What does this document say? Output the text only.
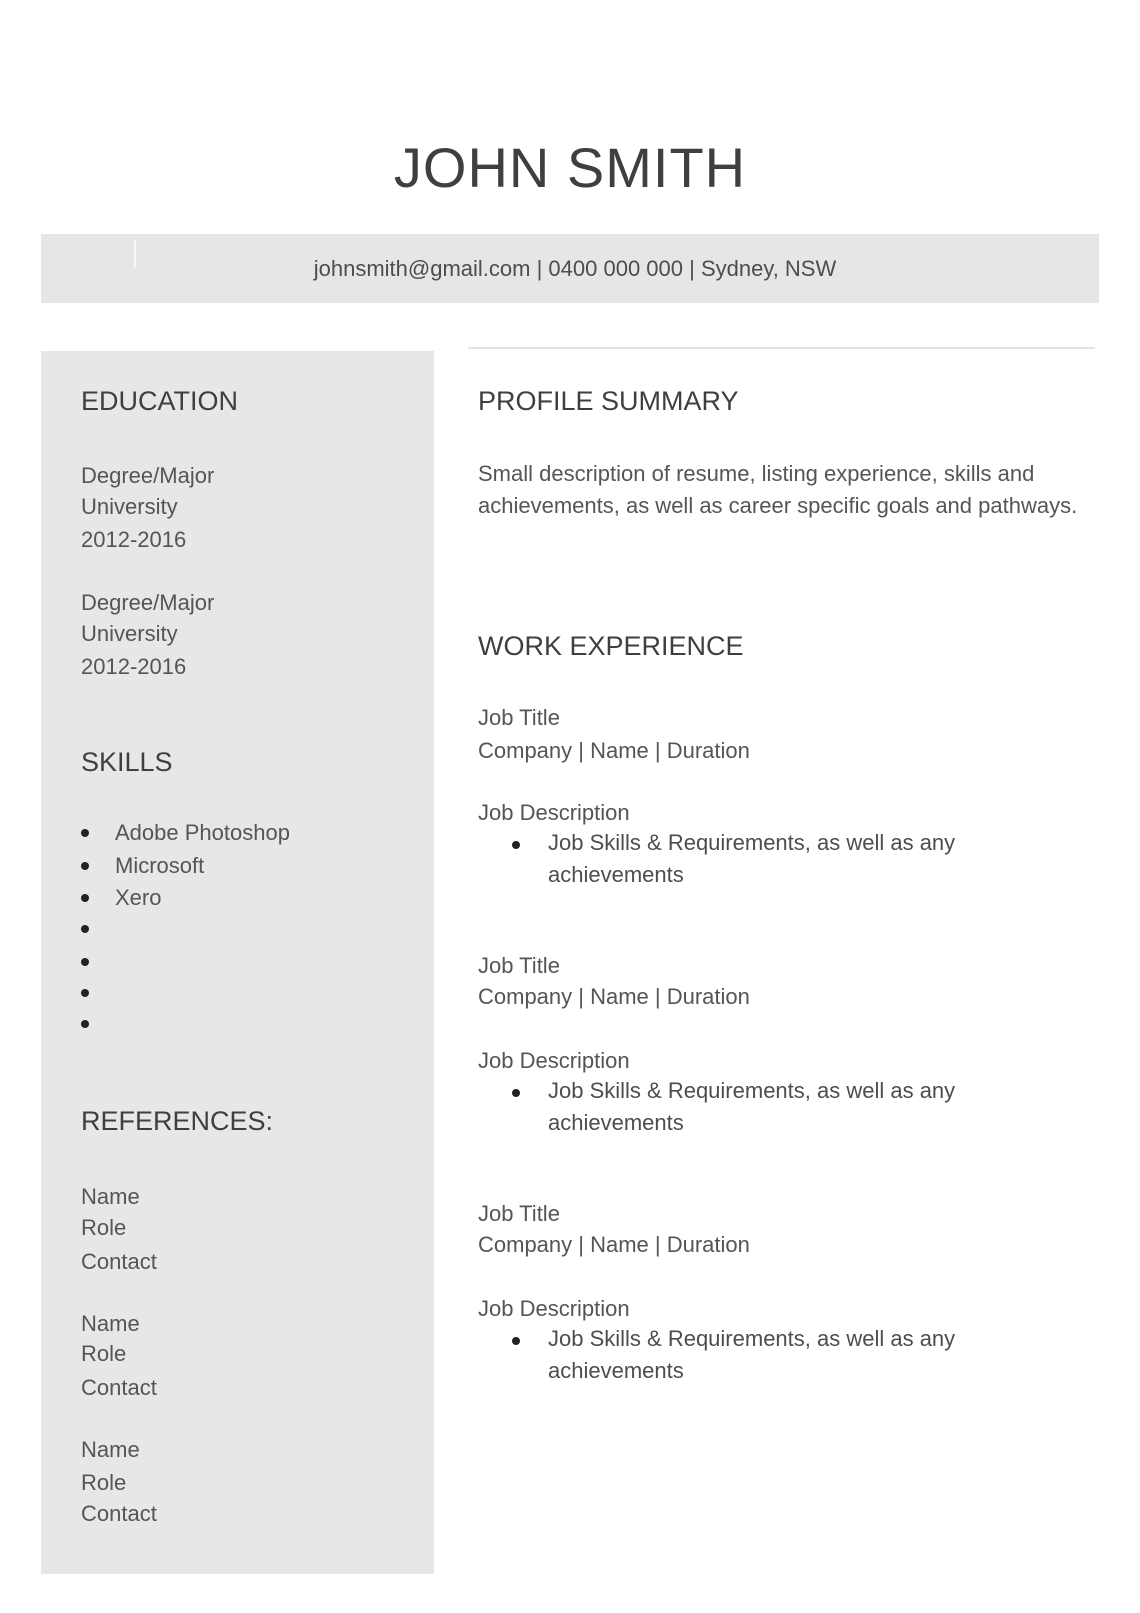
JOHN SMITH
johnsmith@gmail.com | 0400 000 000 | Sydney, NSW
EDUCATION
Degree/Major
University
2012-2016
Degree/Major
University
2012-2016
SKILLS
Adobe Photoshop
Microsoft
Xero
REFERENCES:
Name
Role
Contact
Name
Role
Contact
Name
Role
Contact
PROFILE SUMMARY
Small description of resume, listing experience, skills and achievements, as well as career specific goals and pathways.
WORK EXPERIENCE
Job Title
Company | Name | Duration
Job Description
Job Skills & Requirements, as well as any achievements
Job Title
Company | Name | Duration
Job Description
Job Skills & Requirements, as well as any achievements
Job Title
Company | Name | Duration
Job Description
Job Skills & Requirements, as well as any achievements
